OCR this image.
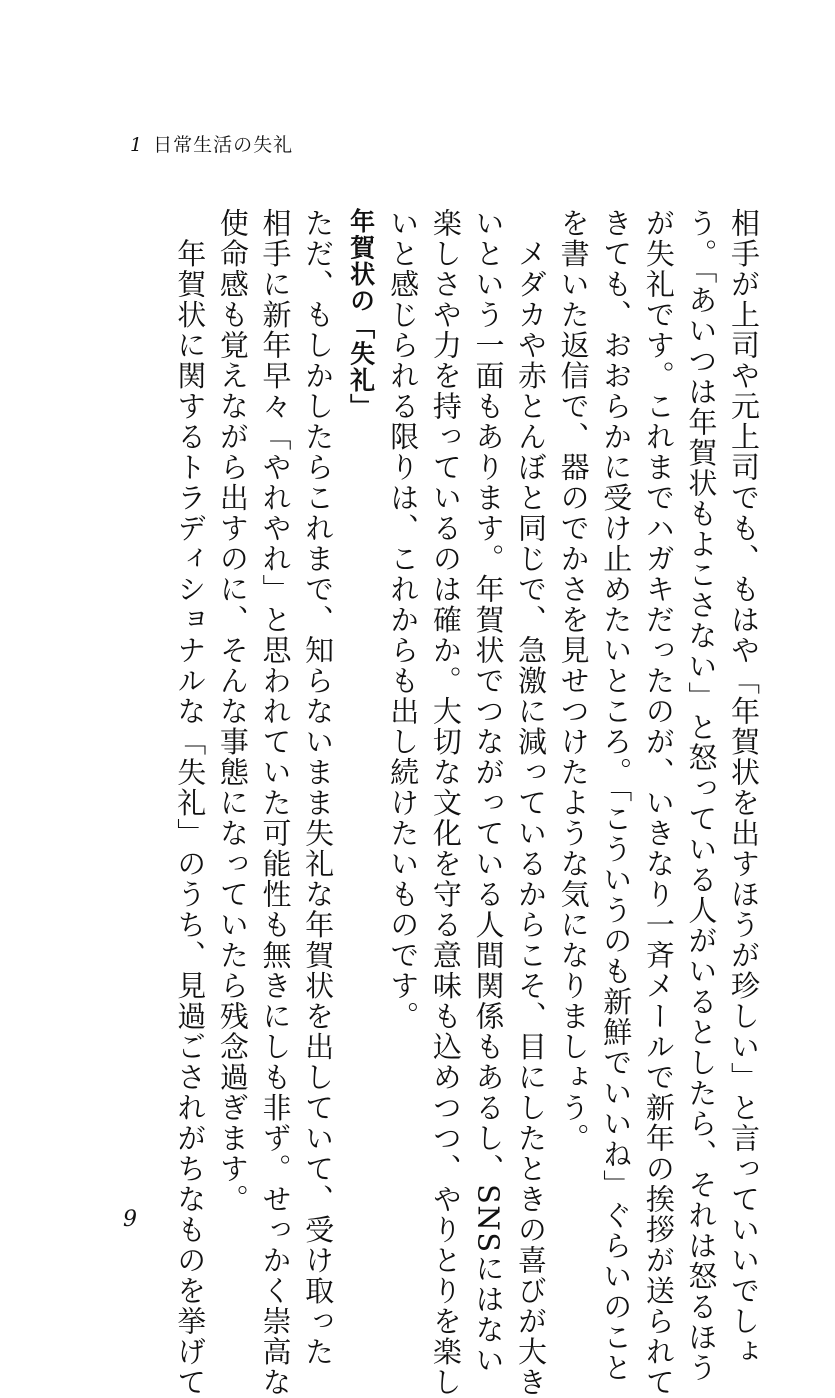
1 日常生活の失礼
相手が上司や元上司でも、もはや「年賀状を出すほうが珍しい」と言っていいでしょ
う。「あいつは年賀状もよこさない」と怒っている人がいるとしたら、それは怒るほう
が失礼です。これまでハガキだったのが、いきなり一斉メールで新年の挨拶が送られて
きても、おおらかに受け止めたいところ。「こういうのも新鮮でいいね」ぐらいのこと
を書いた返信で、器のでかさを見せつけたような気になりましょう。
　メダカや赤とんぼと同じで、急激に減っているからこそ、目にしたときの喜びが大き
いという一面もあります。年賀状でつながっている人間関係もあるし、SNSにはない
楽しさや力を持っているのは確か。大切な文化を守る意味も込めつつ、やりとりを楽し
いと感じられる限りは、これからも出し続けたいものです。
年賀状の「失礼」
ただ、もしかしたらこれまで、知らないまま失礼な年賀状を出していて、受け取った
相手に新年早々「やれやれ」と思われていた可能性も無きにしも非ず。せっかく崇高な
使命感も覚えながら出すのに、そんな事態になっていたら残念過ぎます。
　年賀状に関するトラディショナルな「失礼」のうち、見過ごされがちなものを挙げて
9
